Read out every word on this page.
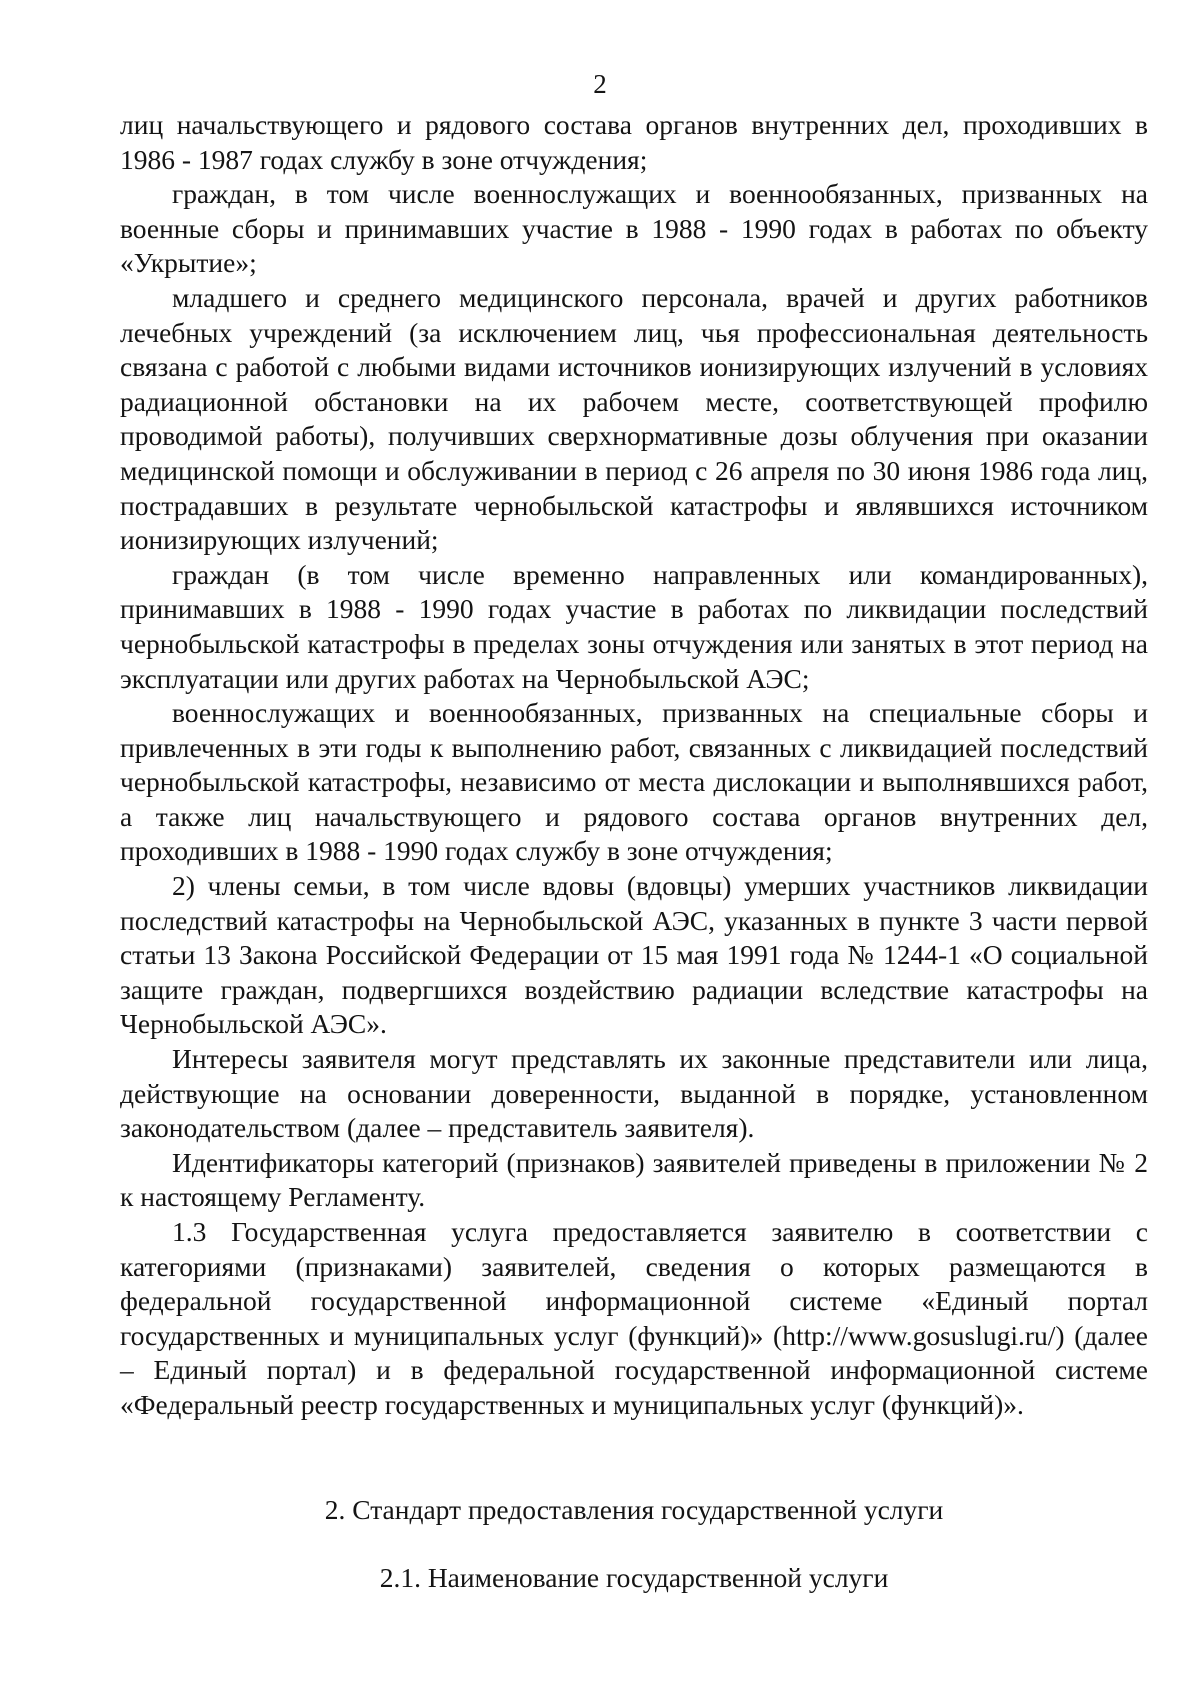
2

лиц начальствующего и рядового состава органов внутренних дел, проходивших в 1986 - 1987 годах службу в зоне отчуждения;

граждан, в том числе военнослужащих и военнообязанных, призванных на военные сборы и принимавших участие в 1988 - 1990 годах в работах по объекту «Укрытие»;

младшего и среднего медицинского персонала, врачей и других работников лечебных учреждений (за исключением лиц, чья профессиональная деятельность связана с работой с любыми видами источников ионизирующих излучений в условиях радиационной обстановки на их рабочем месте, соответствующей профилю проводимой работы), получивших сверхнормативные дозы облучения при оказании медицинской помощи и обслуживании в период с 26 апреля по 30 июня 1986 года лиц, пострадавших в результате чернобыльской катастрофы и являвшихся источником ионизирующих излучений;

граждан (в том числе временно направленных или командированных), принимавших в 1988 - 1990 годах участие в работах по ликвидации последствий чернобыльской катастрофы в пределах зоны отчуждения или занятых в этот период на эксплуатации или других работах на Чернобыльской АЭС;

военнослужащих и военнообязанных, призванных на специальные сборы и привлеченных в эти годы к выполнению работ, связанных с ликвидацией последствий чернобыльской катастрофы, независимо от места дислокации и выполнявшихся работ, а также лиц начальствующего и рядового состава органов внутренних дел, проходивших в 1988 - 1990 годах службу в зоне отчуждения;

2) члены семьи, в том числе вдовы (вдовцы) умерших участников ликвидации последствий катастрофы на Чернобыльской АЭС, указанных в пункте 3 части первой статьи 13 Закона Российской Федерации от 15 мая 1991 года № 1244-1 «О социальной защите граждан, подвергшихся воздействию радиации вследствие катастрофы на Чернобыльской АЭС».

Интересы заявителя могут представлять их законные представители или лица, действующие на основании доверенности, выданной в порядке, установленном законодательством (далее – представитель заявителя).

Идентификаторы категорий (признаков) заявителей приведены в приложении № 2 к настоящему Регламенту.

1.3 Государственная услуга предоставляется заявителю в соответствии с категориями (признаками) заявителей, сведения о которых размещаются в федеральной государственной информационной системе «Единый портал государственных и муниципальных услуг (функций)» (http://www.gosuslugi.ru/) (далее – Единый портал) и в федеральной государственной информационной системе «Федеральный реестр государственных и муниципальных услуг (функций)».

2. Стандарт предоставления государственной услуги

2.1. Наименование государственной услуги
